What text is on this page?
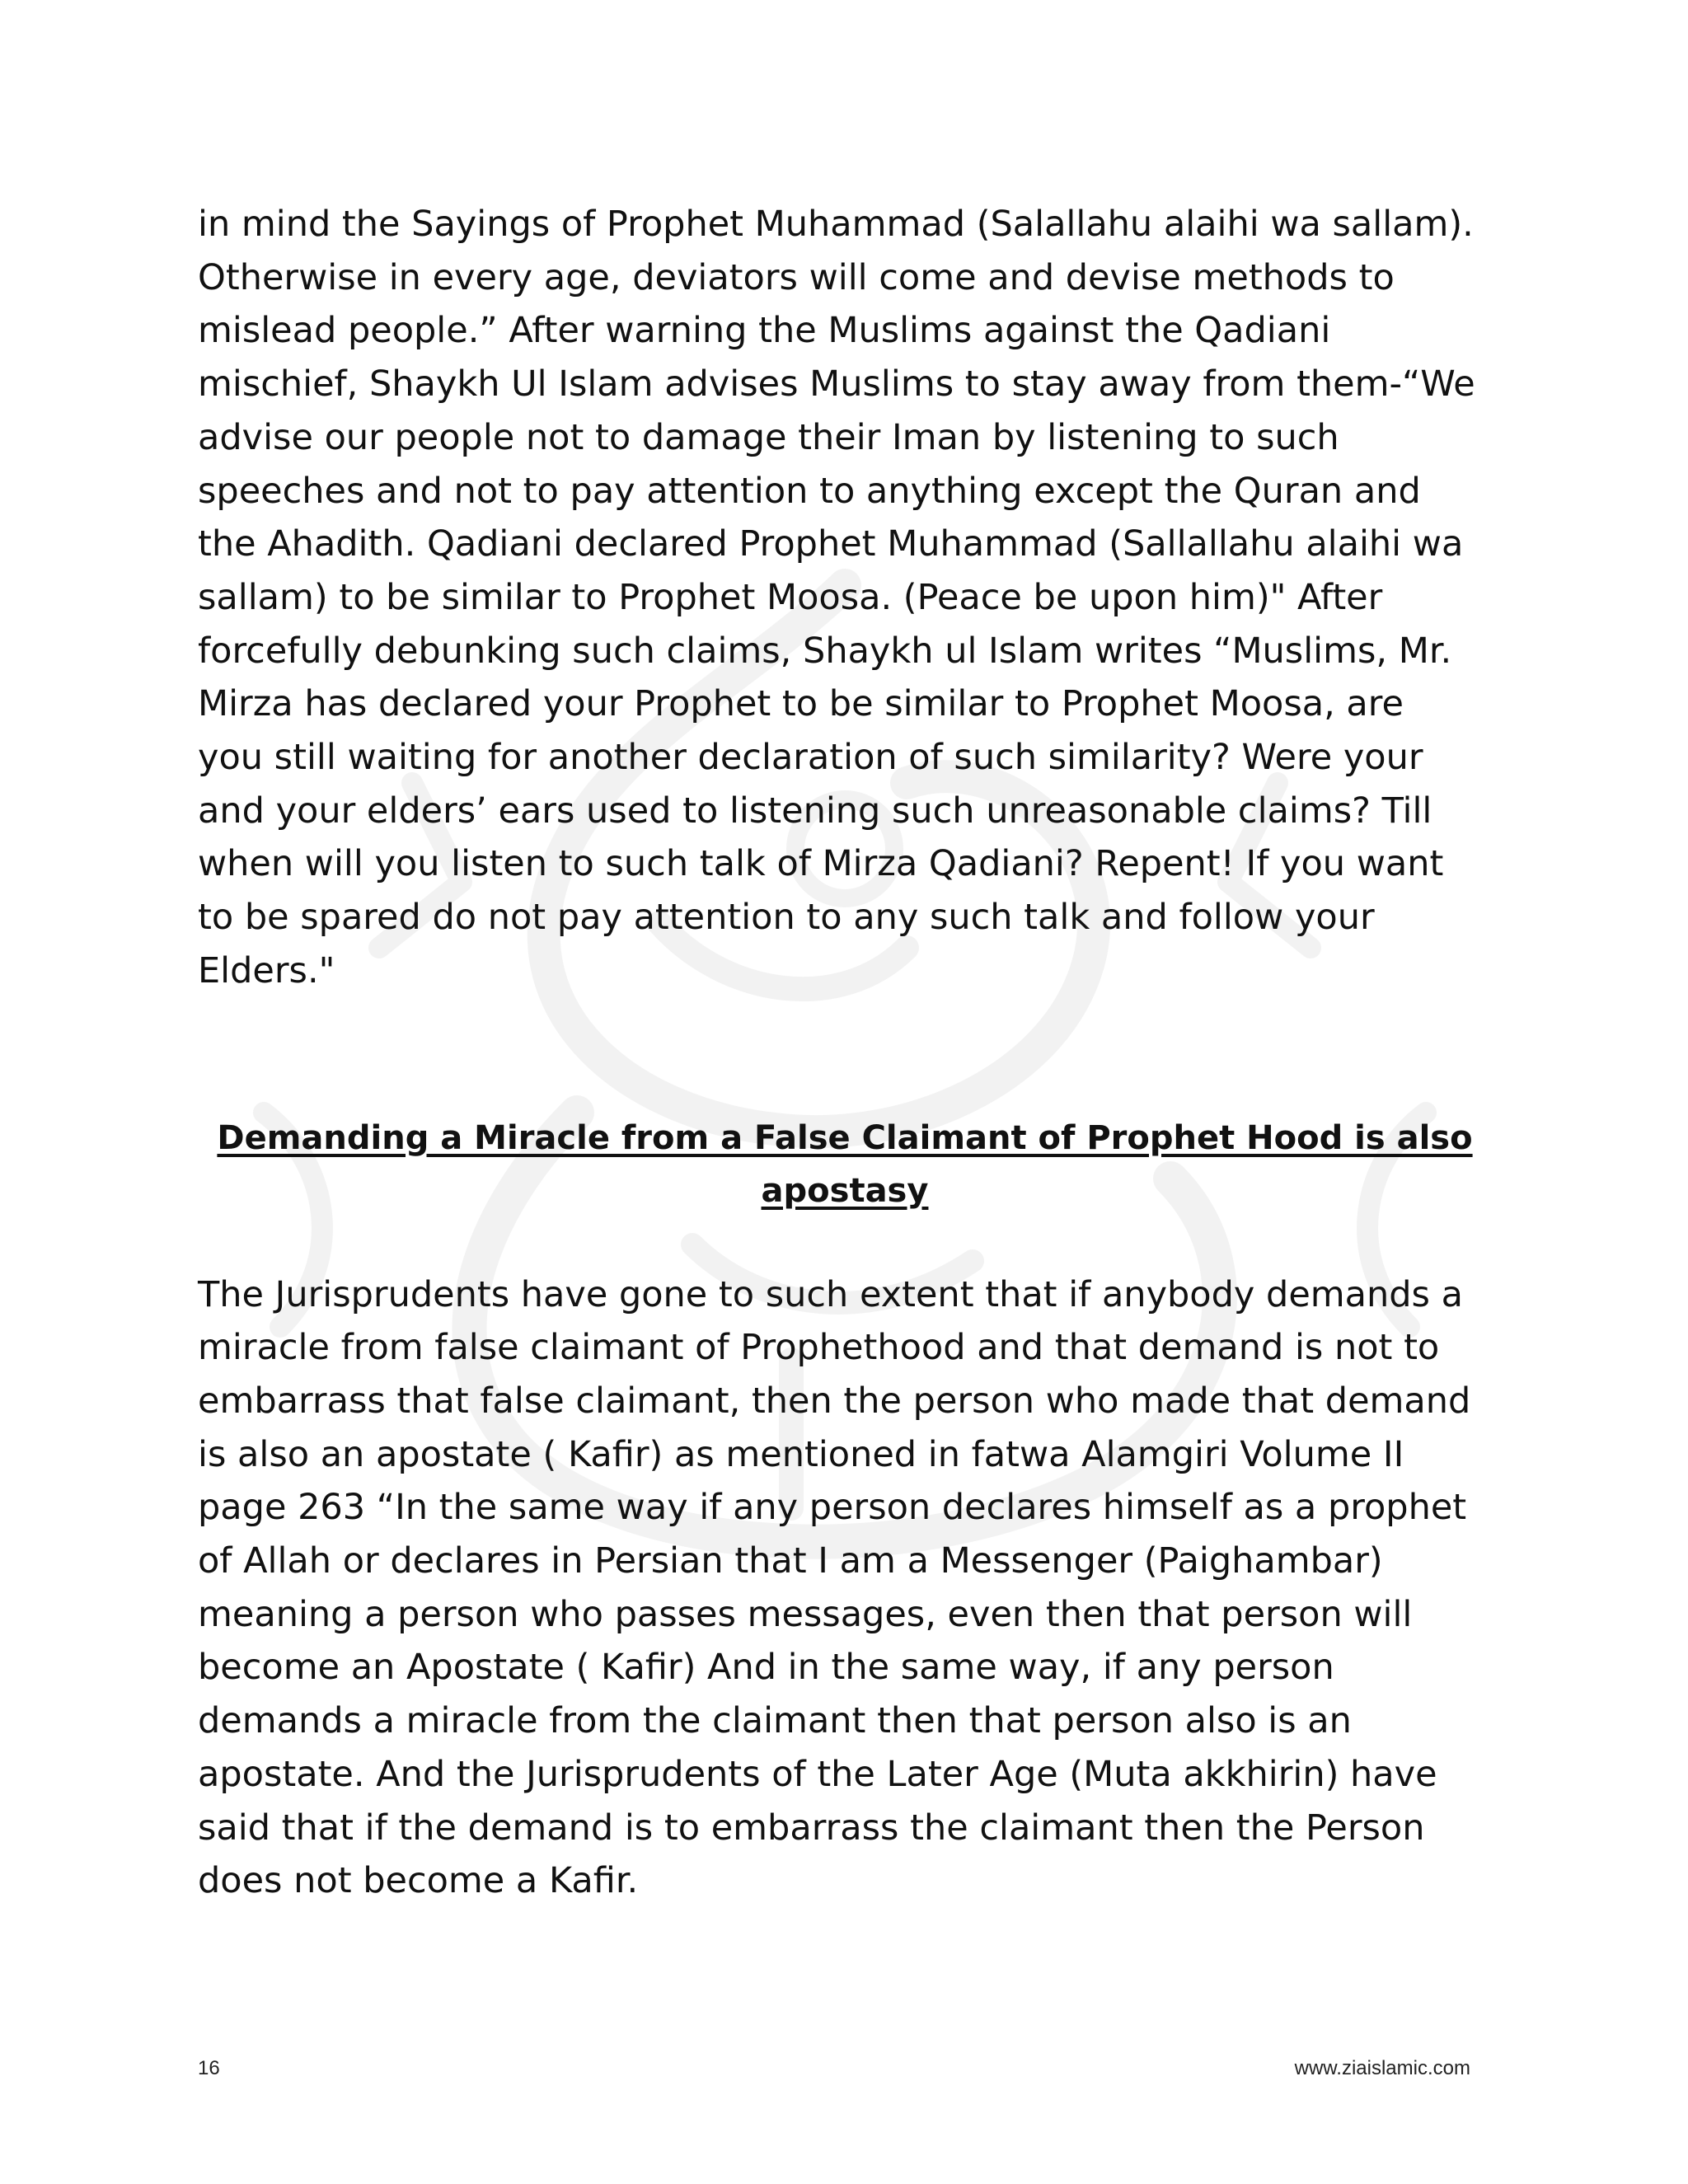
in mind the Sayings of Prophet Muhammad (Salallahu alaihi wa sallam).
Otherwise in every age, deviators will come and devise methods to
mislead people.” After warning the Muslims against the Qadiani
mischief, Shaykh Ul Islam advises Muslims to stay away from them-“We
advise our people not to damage their Iman by listening to such
speeches and not to pay attention to anything except the Quran and
the Ahadith. Qadiani declared Prophet Muhammad (Sallallahu alaihi wa
sallam) to be similar to Prophet Moosa. (Peace be upon him)" After
forcefully debunking such claims, Shaykh ul Islam writes “Muslims, Mr.
Mirza has declared your Prophet to be similar to Prophet Moosa, are
you still waiting for another declaration of such similarity? Were your
and your elders’ ears used to listening such unreasonable claims? Till
when will you listen to such talk of Mirza Qadiani? Repent! If you want
to be spared do not pay attention to any such talk and follow your
Elders."

Demanding a Miracle from a False Claimant of Prophet Hood is also
apostasy

The Jurisprudents have gone to such extent that if anybody demands a
miracle from false claimant of Prophethood and that demand is not to
embarrass that false claimant, then the person who made that demand
is also an apostate ( Kafir) as mentioned in fatwa Alamgiri Volume II
page 263 “In the same way if any person declares himself as a prophet
of Allah or declares in Persian that I am a Messenger (Paighambar)
meaning a person who passes messages, even then that person will
become an Apostate ( Kafir) And in the same way, if any person
demands a miracle from the claimant then that person also is an
apostate. And the Jurisprudents of the Later Age (Muta akkhirin) have
said that if the demand is to embarrass the claimant then the Person
does not become a Kafir.

16	www.ziaislamic.com
